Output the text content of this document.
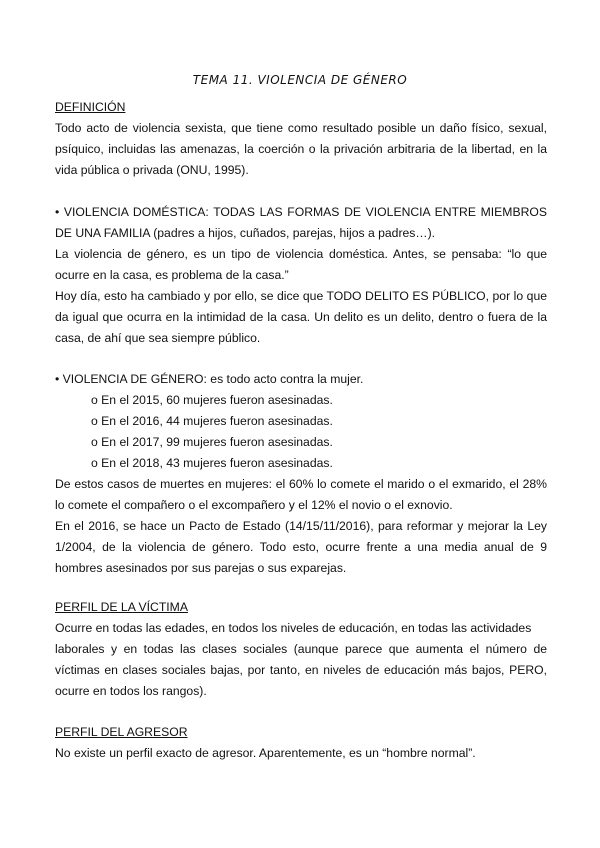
TEMA 11. VIOLENCIA DE GÉNERO
DEFINICIÓN
Todo acto de violencia sexista, que tiene como resultado posible un daño físico, sexual,
psíquico, incluidas las amenazas, la coerción o la privación arbitraria de la libertad, en la
vida pública o privada (ONU, 1995).
• VIOLENCIA DOMÉSTICA: TODAS LAS FORMAS DE VIOLENCIA ENTRE MIEMBROS
DE UNA FAMILIA (padres a hijos, cuñados, parejas, hijos a padres…).
La violencia de género, es un tipo de violencia doméstica. Antes, se pensaba: “lo que
ocurre en la casa, es problema de la casa.”
Hoy día, esto ha cambiado y por ello, se dice que TODO DELITO ES PÚBLICO, por lo que
da igual que ocurra en la intimidad de la casa. Un delito es un delito, dentro o fuera de la
casa, de ahí que sea siempre público.
• VIOLENCIA DE GÉNERO: es todo acto contra la mujer.
o En el 2015, 60 mujeres fueron asesinadas.
o En el 2016, 44 mujeres fueron asesinadas.
o En el 2017, 99 mujeres fueron asesinadas.
o En el 2018, 43 mujeres fueron asesinadas.
De estos casos de muertes en mujeres: el 60% lo comete el marido o el exmarido, el 28%
lo comete el compañero o el excompañero y el 12% el novio o el exnovio.
En el 2016, se hace un Pacto de Estado (14/15/11/2016), para reformar y mejorar la Ley
1/2004, de la violencia de género. Todo esto, ocurre frente a una media anual de 9
hombres asesinados por sus parejas o sus exparejas.
PERFIL DE LA VÍCTIMA
Ocurre en todas las edades, en todos los niveles de educación, en todas las actividades
laborales y en todas las clases sociales (aunque parece que aumenta el número de
víctimas en clases sociales bajas, por tanto, en niveles de educación más bajos, PERO,
ocurre en todos los rangos).
PERFIL DEL AGRESOR
No existe un perfil exacto de agresor. Aparentemente, es un “hombre normal”.
